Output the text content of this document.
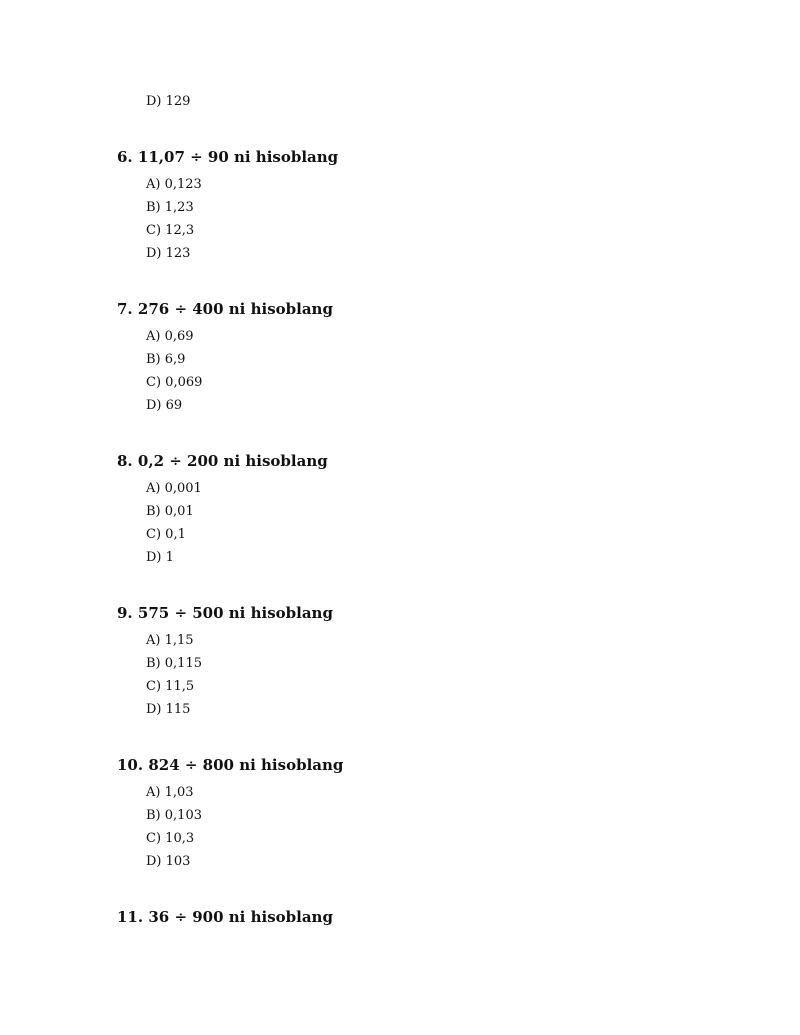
D) 129
6. 11,07 ÷ 90 ni hisoblang
A) 0,123
B) 1,23
C) 12,3
D) 123
7. 276 ÷ 400 ni hisoblang
A) 0,69
B) 6,9
C) 0,069
D) 69
8. 0,2 ÷ 200 ni hisoblang
A) 0,001
B) 0,01
C) 0,1
D) 1
9. 575 ÷ 500 ni hisoblang
A) 1,15
B) 0,115
C) 11,5
D) 115
10. 824 ÷ 800 ni hisoblang
A) 1,03
B) 0,103
C) 10,3
D) 103
11. 36 ÷ 900 ni hisoblang
